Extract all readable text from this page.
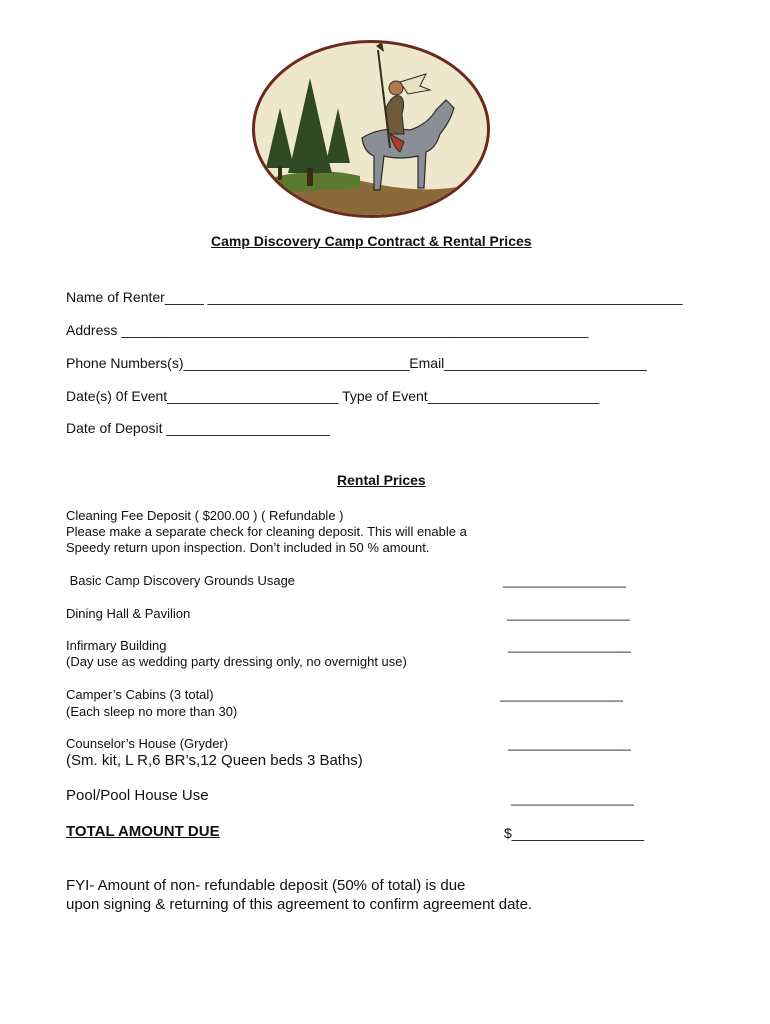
Camp Discovery Camp Contract & Rental Prices
Name of Renter_____ _____________________________________________________________
Address ____________________________________________________________
Phone Numbers(s)_____________________________Email__________________________
Date(s) 0f Event______________________ Type of Event______________________
Date of Deposit _____________________
Rental Prices
Cleaning Fee Deposit ( $200.00 ) ( Refundable )
Please make a separate check for cleaning deposit. This will enable a
Speedy return upon inspection. Don’t included in 50 % amount.
Basic Camp Discovery Grounds Usage	_________________
Dining Hall & Pavilion	_________________
Infirmary Building
(Day use as wedding party dressing only, no overnight use)
_________________
Camper’s Cabins (3 total)
(Each sleep no more than 30)
_________________
Counselor’s House (Gryder)
(Sm. kit, L R,6 BR’s,12 Queen beds 3 Baths)
_________________
Pool/Pool House Use	_________________
TOTAL AMOUNT DUE	$_________________
FYI- Amount of non- refundable deposit (50% of total) is due
upon signing & returning of this agreement to confirm agreement date.
